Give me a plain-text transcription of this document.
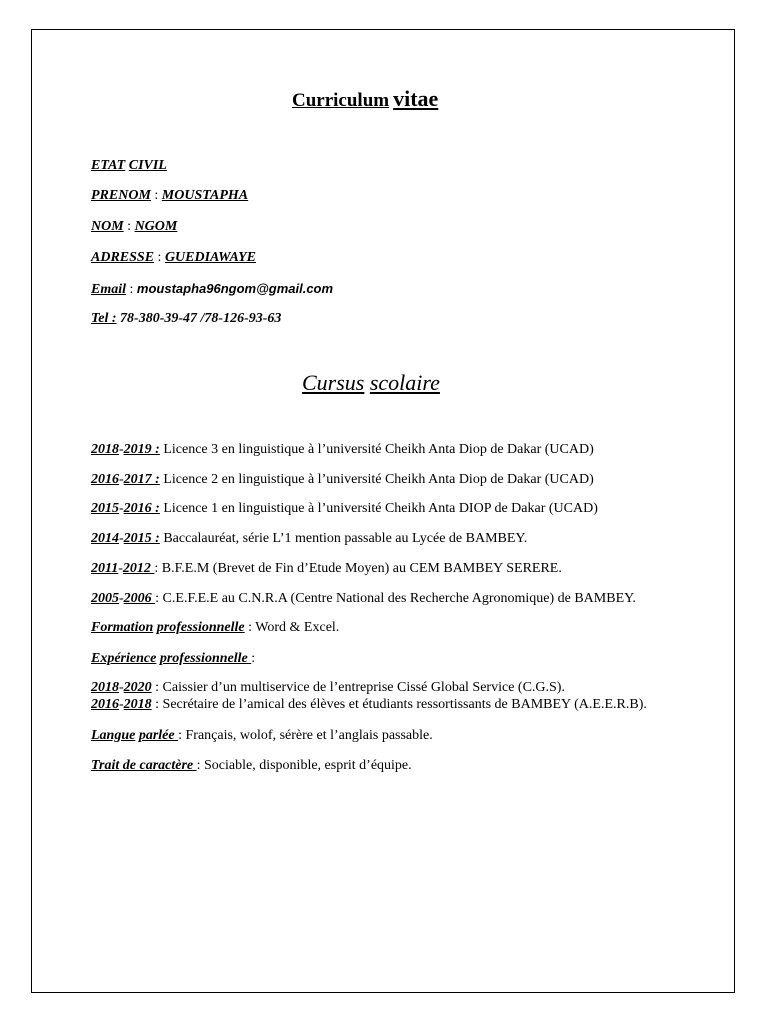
Curriculum vitae
ETAT CIVIL
PRENOM : MOUSTAPHA
NOM : NGOM
ADRESSE : GUEDIAWAYE
Email : moustapha96ngom@gmail.com
Tel : 78-380-39-47 /78-126-93-63
Cursus scolaire
2018-2019 : Licence 3 en linguistique à l’université Cheikh Anta Diop de Dakar (UCAD)
2016-2017 : Licence 2 en linguistique à l’université Cheikh Anta Diop de Dakar (UCAD)
2015-2016 : Licence 1 en linguistique à l’université Cheikh Anta DIOP de Dakar (UCAD)
2014-2015 : Baccalauréat, série L’1 mention passable au Lycée de BAMBEY.
2011-2012 : B.F.E.M (Brevet de Fin d’Etude Moyen) au CEM BAMBEY SERERE.
2005-2006 : C.E.F.E.E au C.N.R.A (Centre National des Recherche Agronomique) de BAMBEY.
Formation professionnelle : Word & Excel.
Expérience professionnelle :
2018-2020 : Caissier d’un multiservice de l’entreprise Cissé Global Service (C.G.S).
2016-2018 : Secrétaire de l’amical des élèves et étudiants ressortissants de BAMBEY (A.E.E.R.B).
Langue parlée : Français, wolof, sérère et l’anglais passable.
Trait de caractère : Sociable, disponible, esprit d’équipe.
